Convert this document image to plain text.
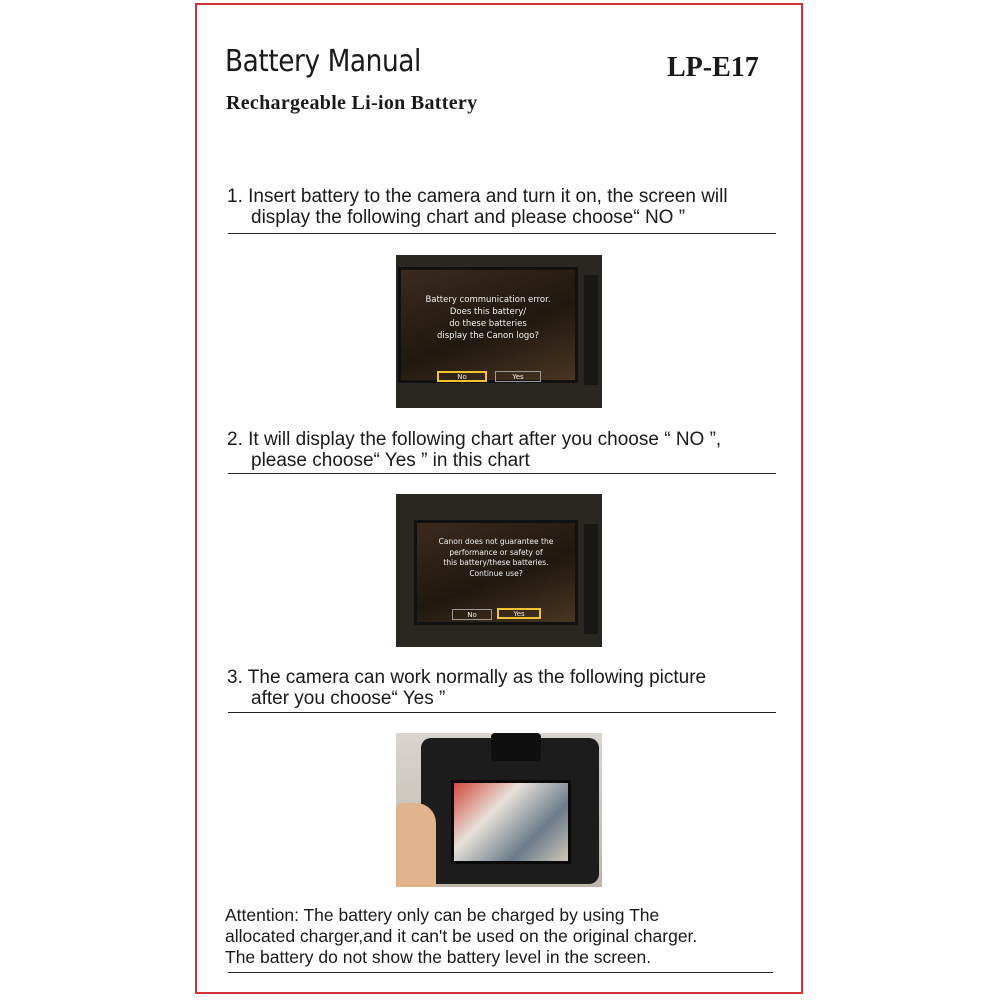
Battery Manual	LP-E17
Rechargeable Li-ion Battery
1. Insert battery to the camera and turn it on, the screen will
display the following chart and please choose“ NO ”
Battery communication error.
Does this battery/
do these batteries
display the Canon logo?
No	Yes
2. It will display the following chart after you choose “ NO ”,
please choose“ Yes ” in this chart
Canon does not guarantee the
performance or safety of
this battery/these batteries.
Continue use?
No	Yes
3. The camera can work normally as the following picture
after you choose“ Yes ”
Attention: The battery only can be charged by using The
allocated charger,and it can't be used on the original charger.
The battery do not show the battery level in the screen.
